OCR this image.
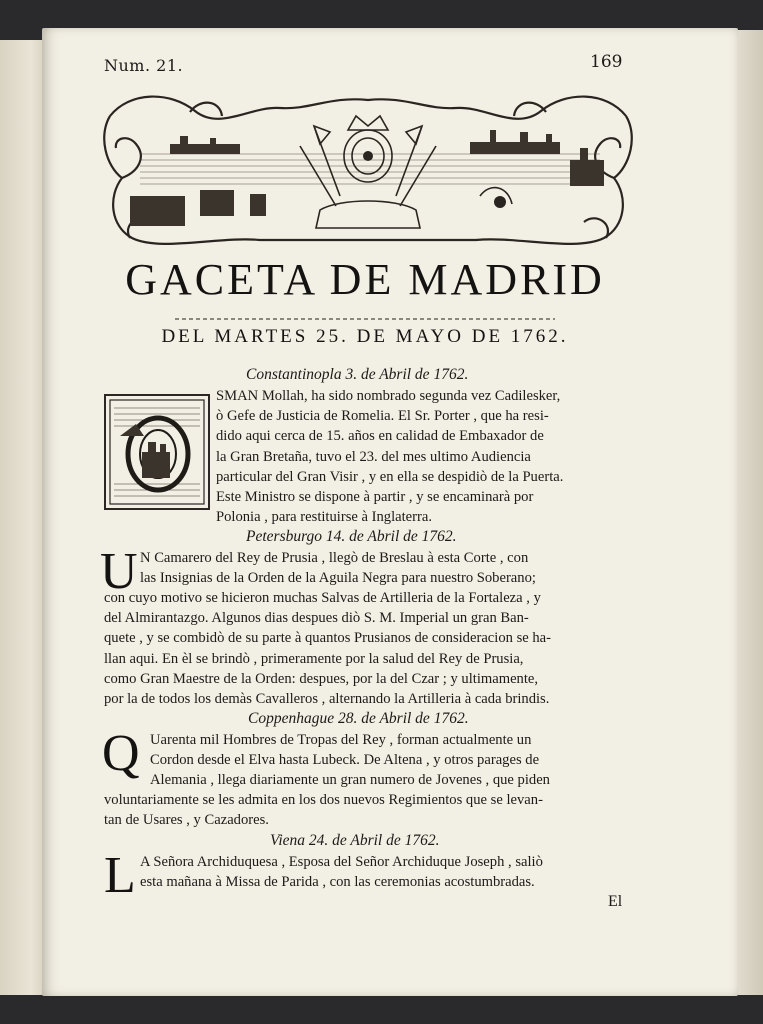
Num. 21.	169
GACETA DE MADRID
DEL MARTES 25. DE MAYO DE 1762.
Constantinopla 3. de Abril de 1762.
SMAN Mollah, ha sido nombrado segunda vez Cadilesker,
ò Gefe de Justicia de Romelia. El Sr. Porter , que ha resi-
dido aqui cerca de 15. años en calidad de Embaxador de
la Gran Bretaña, tuvo el 23. del mes ultimo Audiencia
particular del Gran Visir , y en ella se despidiò de la Puerta.
Este Ministro se dispone à partir , y se encaminarà por
Polonia , para restituirse à Inglaterra.
Petersburgo 14. de Abril de 1762.
U N Camarero del Rey de Prusia , llegò de Breslau à esta Corte , con
las Insignias de la Orden de la Aguila Negra para nuestro Soberano;
con cuyo motivo se hicieron muchas Salvas de Artilleria de la Fortaleza , y
del Almirantazgo. Algunos dias despues diò S. M. Imperial un gran Ban-
quete , y se combidò de su parte à quantos Prusianos de consideracion se ha-
llan aqui. En èl se brindò , primeramente por la salud del Rey de Prusia,
como Gran Maestre de la Orden: despues, por la del Czar ; y ultimamente,
por la de todos los demàs Cavalleros , alternando la Artilleria à cada brindis.
Coppenhague 28. de Abril de 1762.
Q Uarenta mil Hombres de Tropas del Rey , forman actualmente un
Cordon desde el Elva hasta Lubeck. De Altena , y otros parages de
Alemania , llega diariamente un gran numero de Jovenes , que piden
voluntariamente se les admita en los dos nuevos Regimientos que se levan-
tan de Usares , y Cazadores.
Viena 24. de Abril de 1762.
L A Señora Archiduquesa , Esposa del Señor Archiduque Joseph , saliò
esta mañana à Missa de Parida , con las ceremonias acostumbradas.
El
